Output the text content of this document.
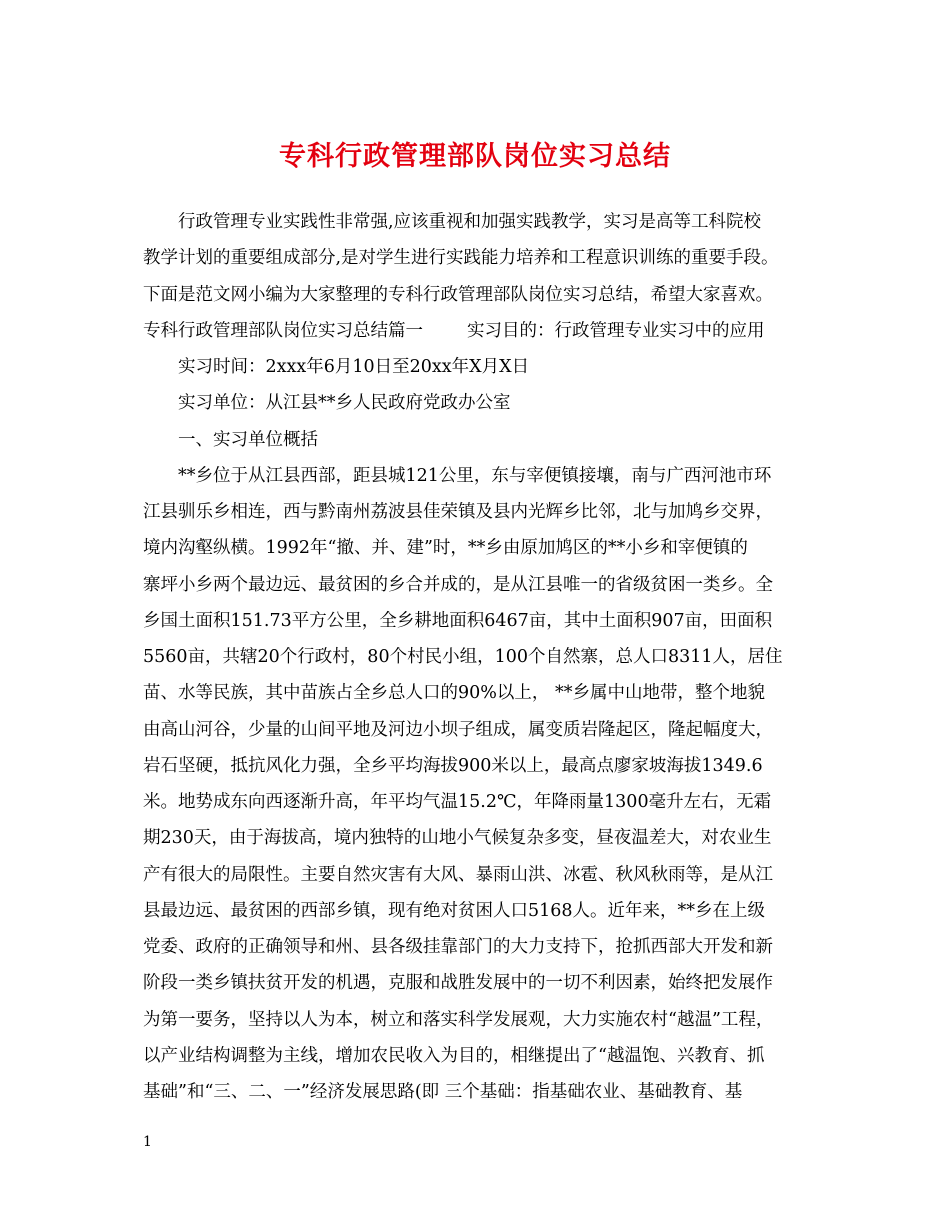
专科行政管理部队岗位实习总结
行政管理专业实践性非常强,应该重视和加强实践教学，实习是高等工科院校
教学计划的重要组成部分,是对学生进行实践能力培养和工程意识训练的重要手段。
下面是范文网小编为大家整理的专科行政管理部队岗位实习总结，希望大家喜欢。
专科行政管理部队岗位实习总结篇一	实习目的：行政管理专业实习中的应用
实习时间：2xxx年6月10日至20xx年X月X日
实习单位：从江县**乡人民政府党政办公室
一、实习单位概括
**乡位于从江县西部，距县城121公里，东与宰便镇接壤，南与广西河池市环
江县驯乐乡相连，西与黔南州荔波县佳荣镇及县内光辉乡比邻，北与加鸠乡交界，
境内沟壑纵横。1992年“撤、并、建”时，**乡由原加鸠区的**小乡和宰便镇的
寨坪小乡两个最边远、最贫困的乡合并成的，是从江县唯一的省级贫困一类乡。全
乡国土面积151.73平方公里，全乡耕地面积6467亩，其中土面积907亩，田面积
5560亩，共辖20个行政村，80个村民小组，100个自然寨，总人口8311人，居住
苗、水等民族，其中苗族占全乡总人口的90%以上， **乡属中山地带，整个地貌
由高山河谷，少量的山间平地及河边小坝子组成，属变质岩隆起区，隆起幅度大，
岩石坚硬，抵抗风化力强，全乡平均海拔900米以上，最高点廖家坡海拔1349.6
米。地势成东向西逐渐升高，年平均气温15.2℃，年降雨量1300毫升左右，无霜
期230天，由于海拔高，境内独特的山地小气候复杂多变，昼夜温差大，对农业生
产有很大的局限性。主要自然灾害有大风、暴雨山洪、冰雹、秋风秋雨等，是从江
县最边远、最贫困的西部乡镇，现有绝对贫困人口5168人。近年来，**乡在上级
党委、政府的正确领导和州、县各级挂靠部门的大力支持下，抢抓西部大开发和新
阶段一类乡镇扶贫开发的机遇，克服和战胜发展中的一切不利因素，始终把发展作
为第一要务，坚持以人为本，树立和落实科学发展观，大力实施农村“越温”工程，
以产业结构调整为主线，增加农民收入为目的，相继提出了“越温饱、兴教育、抓
基础”和“三、二、一”经济发展思路(即 三个基础：指基础农业、基础教育、基
1
